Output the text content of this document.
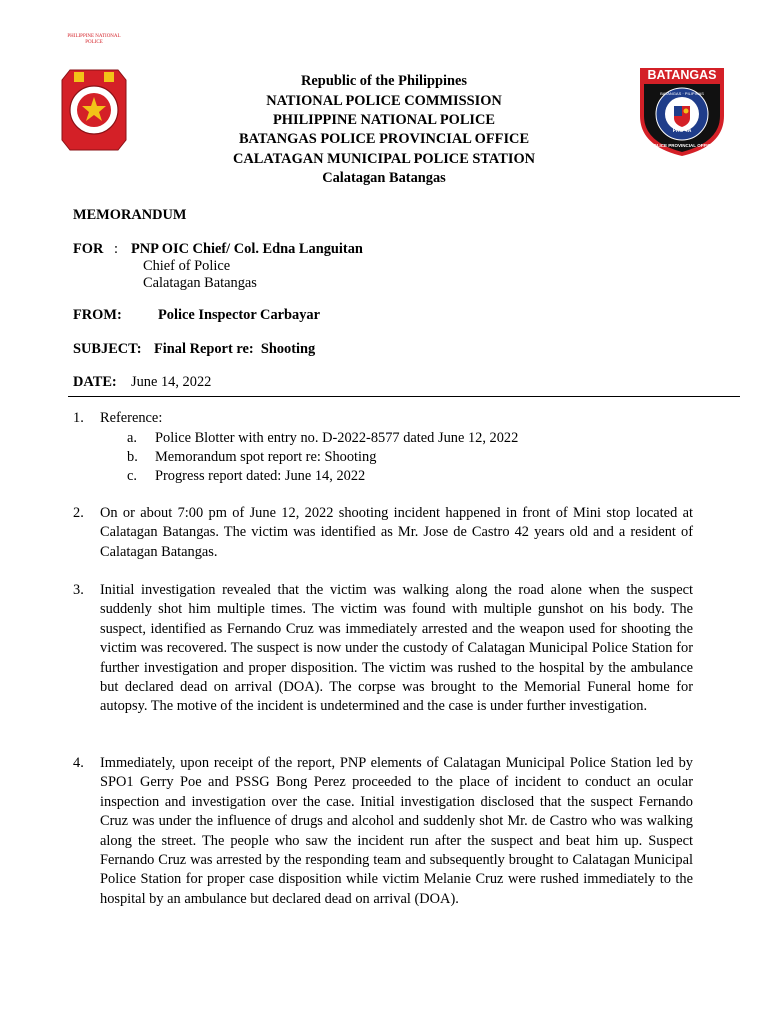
PHILIPPINE NATIONAL POLICE
BATANGAS
PRO 4A
POLICE PROVINCIAL OFFICE
BATANGAS · PILIPINAS
Republic of the Philippines
NATIONAL POLICE COMMISSION
PHILIPPINE NATIONAL POLICE
BATANGAS POLICE PROVINCIAL OFFICE
CALATAGAN MUNICIPAL POLICE STATION
Calatagan Batangas
MEMORANDUM
FOR : PNP OIC Chief/ Col. Edna Languitan
Chief of Police
Calatagan Batangas
FROM:	Police Inspector Carbayar
SUBJECT: Final Report re:  Shooting
DATE: June 14, 2022
1. Reference:
a. Police Blotter with entry no. D-2022-8577 dated June 12, 2022
b. Memorandum spot report re: Shooting
c. Progress report dated: June 14, 2022
2. On or about 7:00 pm of June 12, 2022 shooting incident happened in front of Mini stop located at Calatagan Batangas. The victim was identified as Mr. Jose de Castro 42 years old and a resident of Calatagan Batangas.
3. Initial investigation revealed that the victim was walking along the road alone when the suspect suddenly shot him multiple times. The victim was found with multiple gunshot on his body. The suspect, identified as Fernando Cruz was immediately arrested and the weapon used for shooting the victim was recovered. The suspect is now under the custody of Calatagan Municipal Police Station for further investigation and proper disposition. The victim was rushed to the hospital by the ambulance but declared dead on arrival (DOA). The corpse was brought to the Memorial Funeral home for autopsy. The motive of the incident is undetermined and the case is under further investigation.
4. Immediately, upon receipt of the report, PNP elements of Calatagan Municipal Police Station led by SPO1 Gerry Poe and PSSG Bong Perez proceeded to the place of incident to conduct an ocular inspection and investigation over the case. Initial investigation disclosed that the suspect Fernando Cruz was under the influence of drugs and alcohol and suddenly shot Mr. de Castro who was walking along the street. The people who saw the incident run after the suspect and beat him up. Suspect Fernando Cruz was arrested by the responding team and subsequently brought to Calatagan Municipal Police Station for proper case disposition while victim Melanie Cruz were rushed immediately to the hospital by an ambulance but declared dead on arrival (DOA).
